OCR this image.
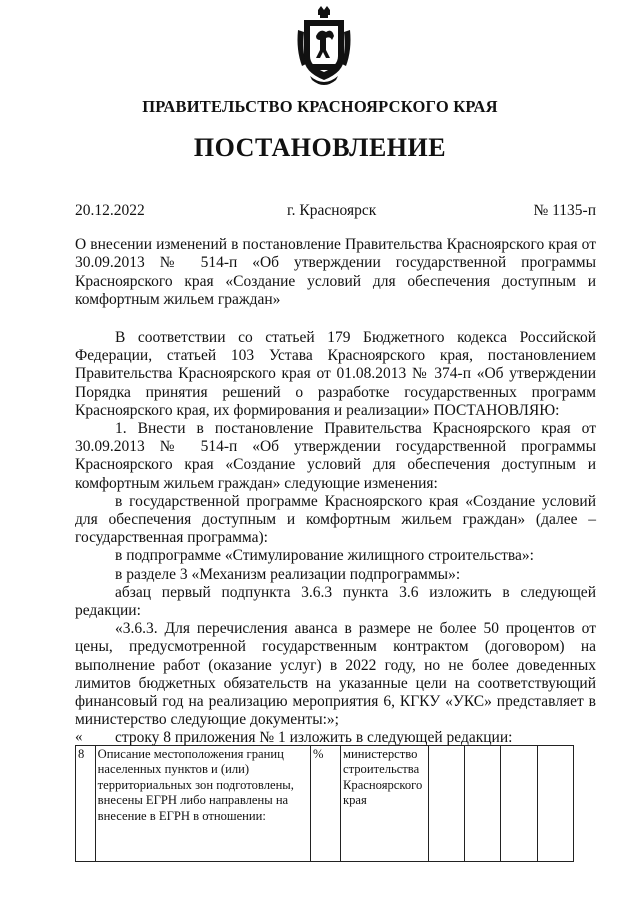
ПРАВИТЕЛЬСТВО КРАСНОЯРСКОГО КРАЯ
ПОСТАНОВЛЕНИЕ
20.12.2022	г. Красноярск	№ 1135-п
О внесении изменений в постановление Правительства Красноярского края от 30.09.2013 № 514-п «Об утверждении государственной программы Красноярского края «Создание условий для обеспечения доступным и комфортным жильем граждан»

В соответствии со статьей 179 Бюджетного кодекса Российской Федерации, статьей 103 Устава Красноярского края, постановлением Правительства Красноярского края от 01.08.2013 № 374-п «Об утверждении Порядка принятия решений о разработке государственных программ Красноярского края, их формирования и реализации» ПОСТАНОВЛЯЮ:

1. Внести в постановление Правительства Красноярского края от 30.09.2013 № 514-п «Об утверждении государственной программы Красноярского края «Создание условий для обеспечения доступным и комфортным жильем граждан» следующие изменения:

в государственной программе Красноярского края «Создание условий для обеспечения доступным и комфортным жильем граждан» (далее – государственная программа):

в подпрограмме «Стимулирование жилищного строительства»:

в разделе 3 «Механизм реализации подпрограммы»:

абзац первый подпункта 3.6.3 пункта 3.6 изложить в следующей редакции:

«3.6.3. Для перечисления аванса в размере не более 50 процентов от цены, предусмотренной государственным контрактом (договором) на выполнение работ (оказание услуг) в 2022 году, но не более доведенных лимитов бюджетных обязательств на указанные цели на соответствующий финансовый год на реализацию мероприятия 6, КГКУ «УКС» представляет в министерство следующие документы:»;

строку 8 приложения № 1 изложить в следующей редакции:

«
8	Описание местоположения границ населенных пунктов и (или) территориальных зон подготовлены, внесены ЕГРН либо направлены на внесение в ЕГРН в отношении:	%	министерство строительства Красноярского края				
